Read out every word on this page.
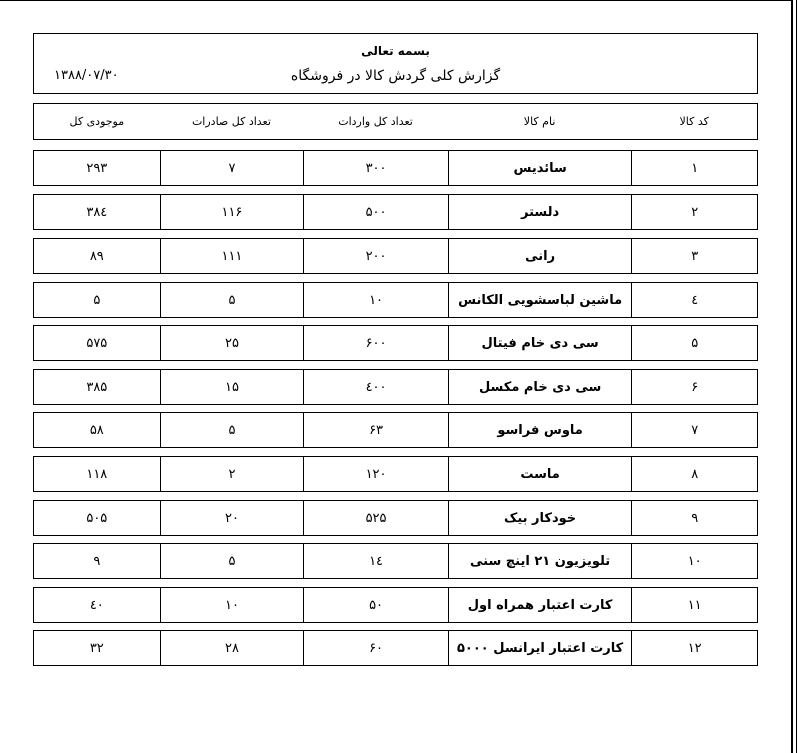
بسمه تعالی
گزارش کلی گردش کالا در فروشگاه
۱۳۸۸/۰۷/۳۰
کد کالا
نام کالا
تعداد کل واردات
تعداد کل صادرات
موجودی کل
۱
سائدیس
۳۰۰
۷
۲۹۳
۲
دلستر
۵۰۰
۱۱۶
۳۸٤
۳
رانی
۲۰۰
۱۱۱
۸۹
٤
ماشین لباسشویی الکانس
۱۰
۵
۵
۵
سی دی خام فیتال
۶۰۰
۲۵
۵۷۵
۶
سی دی خام مکسل
٤۰۰
۱۵
۳۸۵
۷
ماوس فراسو
۶۳
۵
۵۸
۸
ماست
۱۲۰
۲
۱۱۸
۹
خودکار بیک
۵۲۵
۲۰
۵۰۵
۱۰
تلویزیون ۲۱ اینچ سنی
۱٤
۵
۹
۱۱
کارت اعتبار همراه اول
۵۰
۱۰
٤۰
۱۲
کارت اعتبار ایرانسل ۵۰۰۰
۶۰
۲۸
۳۲
